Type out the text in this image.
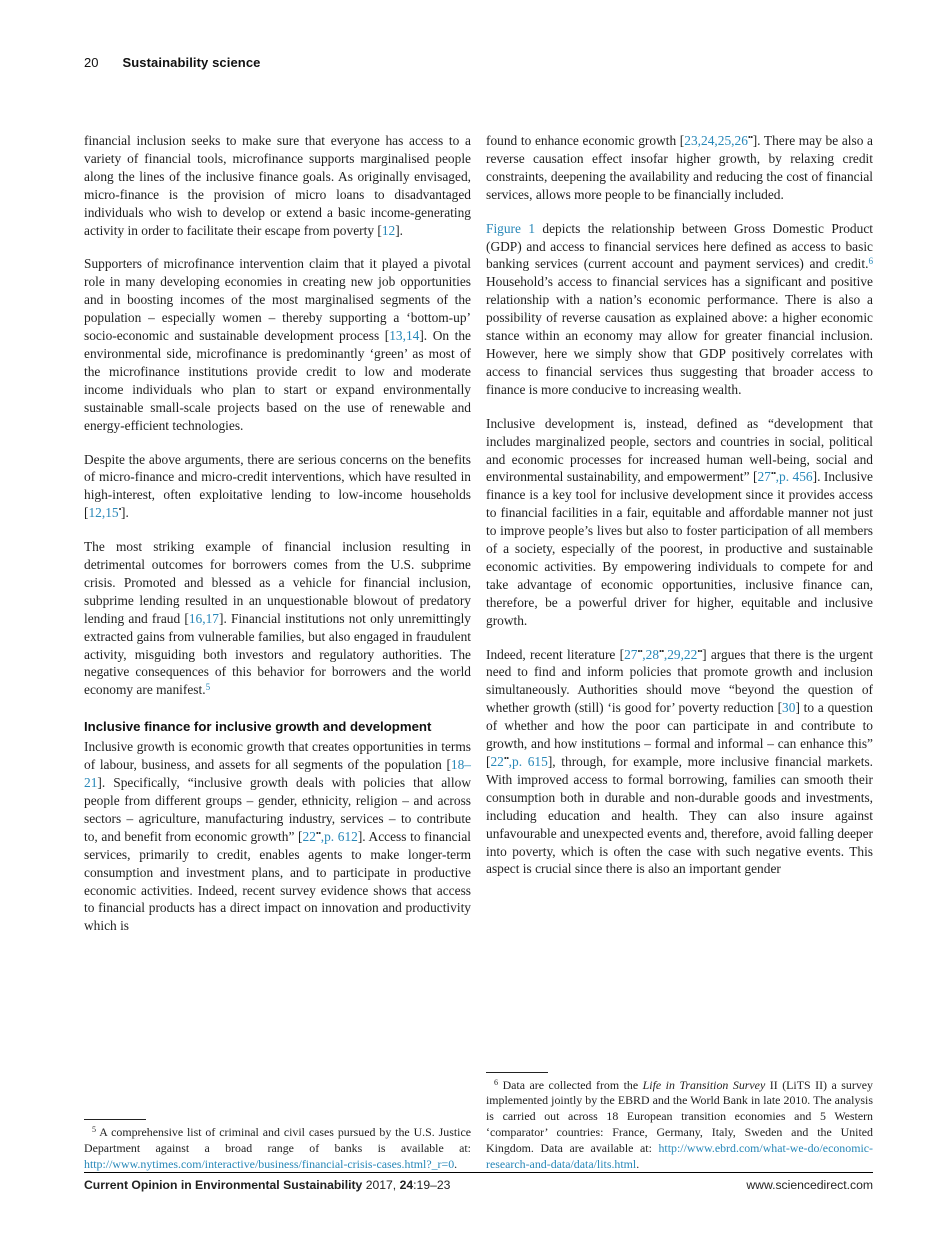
20 Sustainability science

financial inclusion seeks to make sure that everyone has access to a variety of financial tools, microfinance supports marginalised people along the lines of the inclusive finance goals. As originally envisaged, micro-finance is the provision of micro loans to disadvantaged individuals who wish to develop or extend a basic income-generating activity in order to facilitate their escape from poverty [12].

Supporters of microfinance intervention claim that it played a pivotal role in many developing economies in creating new job opportunities and in boosting incomes of the most marginalised segments of the population – especially women – thereby supporting a ‘bottom-up’ socio-economic and sustainable development process [13,14]. On the environmental side, microfinance is predominantly ‘green’ as most of the microfinance institutions provide credit to low and moderate income individuals who plan to start or expand environmentally sustainable small-scale projects based on the use of renewable and energy-efficient technologies.

Despite the above arguments, there are serious concerns on the benefits of micro-finance and micro-credit interventions, which have resulted in high-interest, often exploitative lending to low-income households [12,15•].

The most striking example of financial inclusion resulting in detrimental outcomes for borrowers comes from the U.S. subprime crisis. Promoted and blessed as a vehicle for financial inclusion, subprime lending resulted in an unquestionable blowout of predatory lending and fraud [16,17]. Financial institutions not only unremittingly extracted gains from vulnerable families, but also engaged in fraudulent activity, misguiding both investors and regulatory authorities. The negative consequences of this behavior for borrowers and the world economy are manifest.$^5$

Inclusive finance for inclusive growth and development

Inclusive growth is economic growth that creates opportunities in terms of labour, business, and assets for all segments of the population [18–21]. Specifically, “inclusive growth deals with policies that allow people from different groups – gender, ethnicity, religion – and across sectors – agriculture, manufacturing industry, services – to contribute to, and benefit from economic growth” [22••,p. 612]. Access to financial services, primarily to credit, enables agents to make longer-term consumption and investment plans, and to participate in productive economic activities. Indeed, recent survey evidence shows that access to financial products has a direct impact on innovation and productivity which is

$^5$ A comprehensive list of criminal and civil cases pursued by the U.S. Justice Department against a broad range of banks is available at: http://www.nytimes.com/interactive/business/financial-crisis-cases.html?_r=0.

found to enhance economic growth [23,24,25,26••]. There may be also a reverse causation effect insofar higher growth, by relaxing credit constraints, deepening the availability and reducing the cost of financial services, allows more people to be financially included.

Figure 1 depicts the relationship between Gross Domestic Product (GDP) and access to financial services here defined as access to basic banking services (current account and payment services) and credit.$^6$ Household’s access to financial services has a significant and positive relationship with a nation’s economic performance. There is also a possibility of reverse causation as explained above: a higher economic stance within an economy may allow for greater financial inclusion. However, here we simply show that GDP positively correlates with access to financial services thus suggesting that broader access to finance is more conducive to increasing wealth.

Inclusive development is, instead, defined as “development that includes marginalized people, sectors and countries in social, political and economic processes for increased human well-being, social and environmental sustainability, and empowerment” [27••,p. 456]. Inclusive finance is a key tool for inclusive development since it provides access to financial facilities in a fair, equitable and affordable manner not just to improve people’s lives but also to foster participation of all members of a society, especially of the poorest, in productive and sustainable economic activities. By empowering individuals to compete for and take advantage of economic opportunities, inclusive finance can, therefore, be a powerful driver for higher, equitable and inclusive growth.

Indeed, recent literature [27••,28••,29,22••] argues that there is the urgent need to find and inform policies that promote growth and inclusion simultaneously. Authorities should move “beyond the question of whether growth (still) ‘is good for’ poverty reduction [30] to a question of whether and how the poor can participate in and contribute to growth, and how institutions – formal and informal – can enhance this” [22••,p. 615], through, for example, more inclusive financial markets. With improved access to formal borrowing, families can smooth their consumption both in durable and non-durable goods and investments, including education and health. They can also insure against unfavourable and unexpected events and, therefore, avoid falling deeper into poverty, which is often the case with such negative events. This aspect is crucial since there is also an important gender

$^6$ Data are collected from the Life in Transition Survey II (LiTS II) a survey implemented jointly by the EBRD and the World Bank in late 2010. The analysis is carried out across 18 European transition economies and 5 Western ‘comparator’ countries: France, Germany, Italy, Sweden and the United Kingdom. Data are available at: http://www.ebrd.com/what-we-do/economic-research-and-data/data/lits.html.

Current Opinion in Environmental Sustainability 2017, 24:19–23	www.sciencedirect.com
